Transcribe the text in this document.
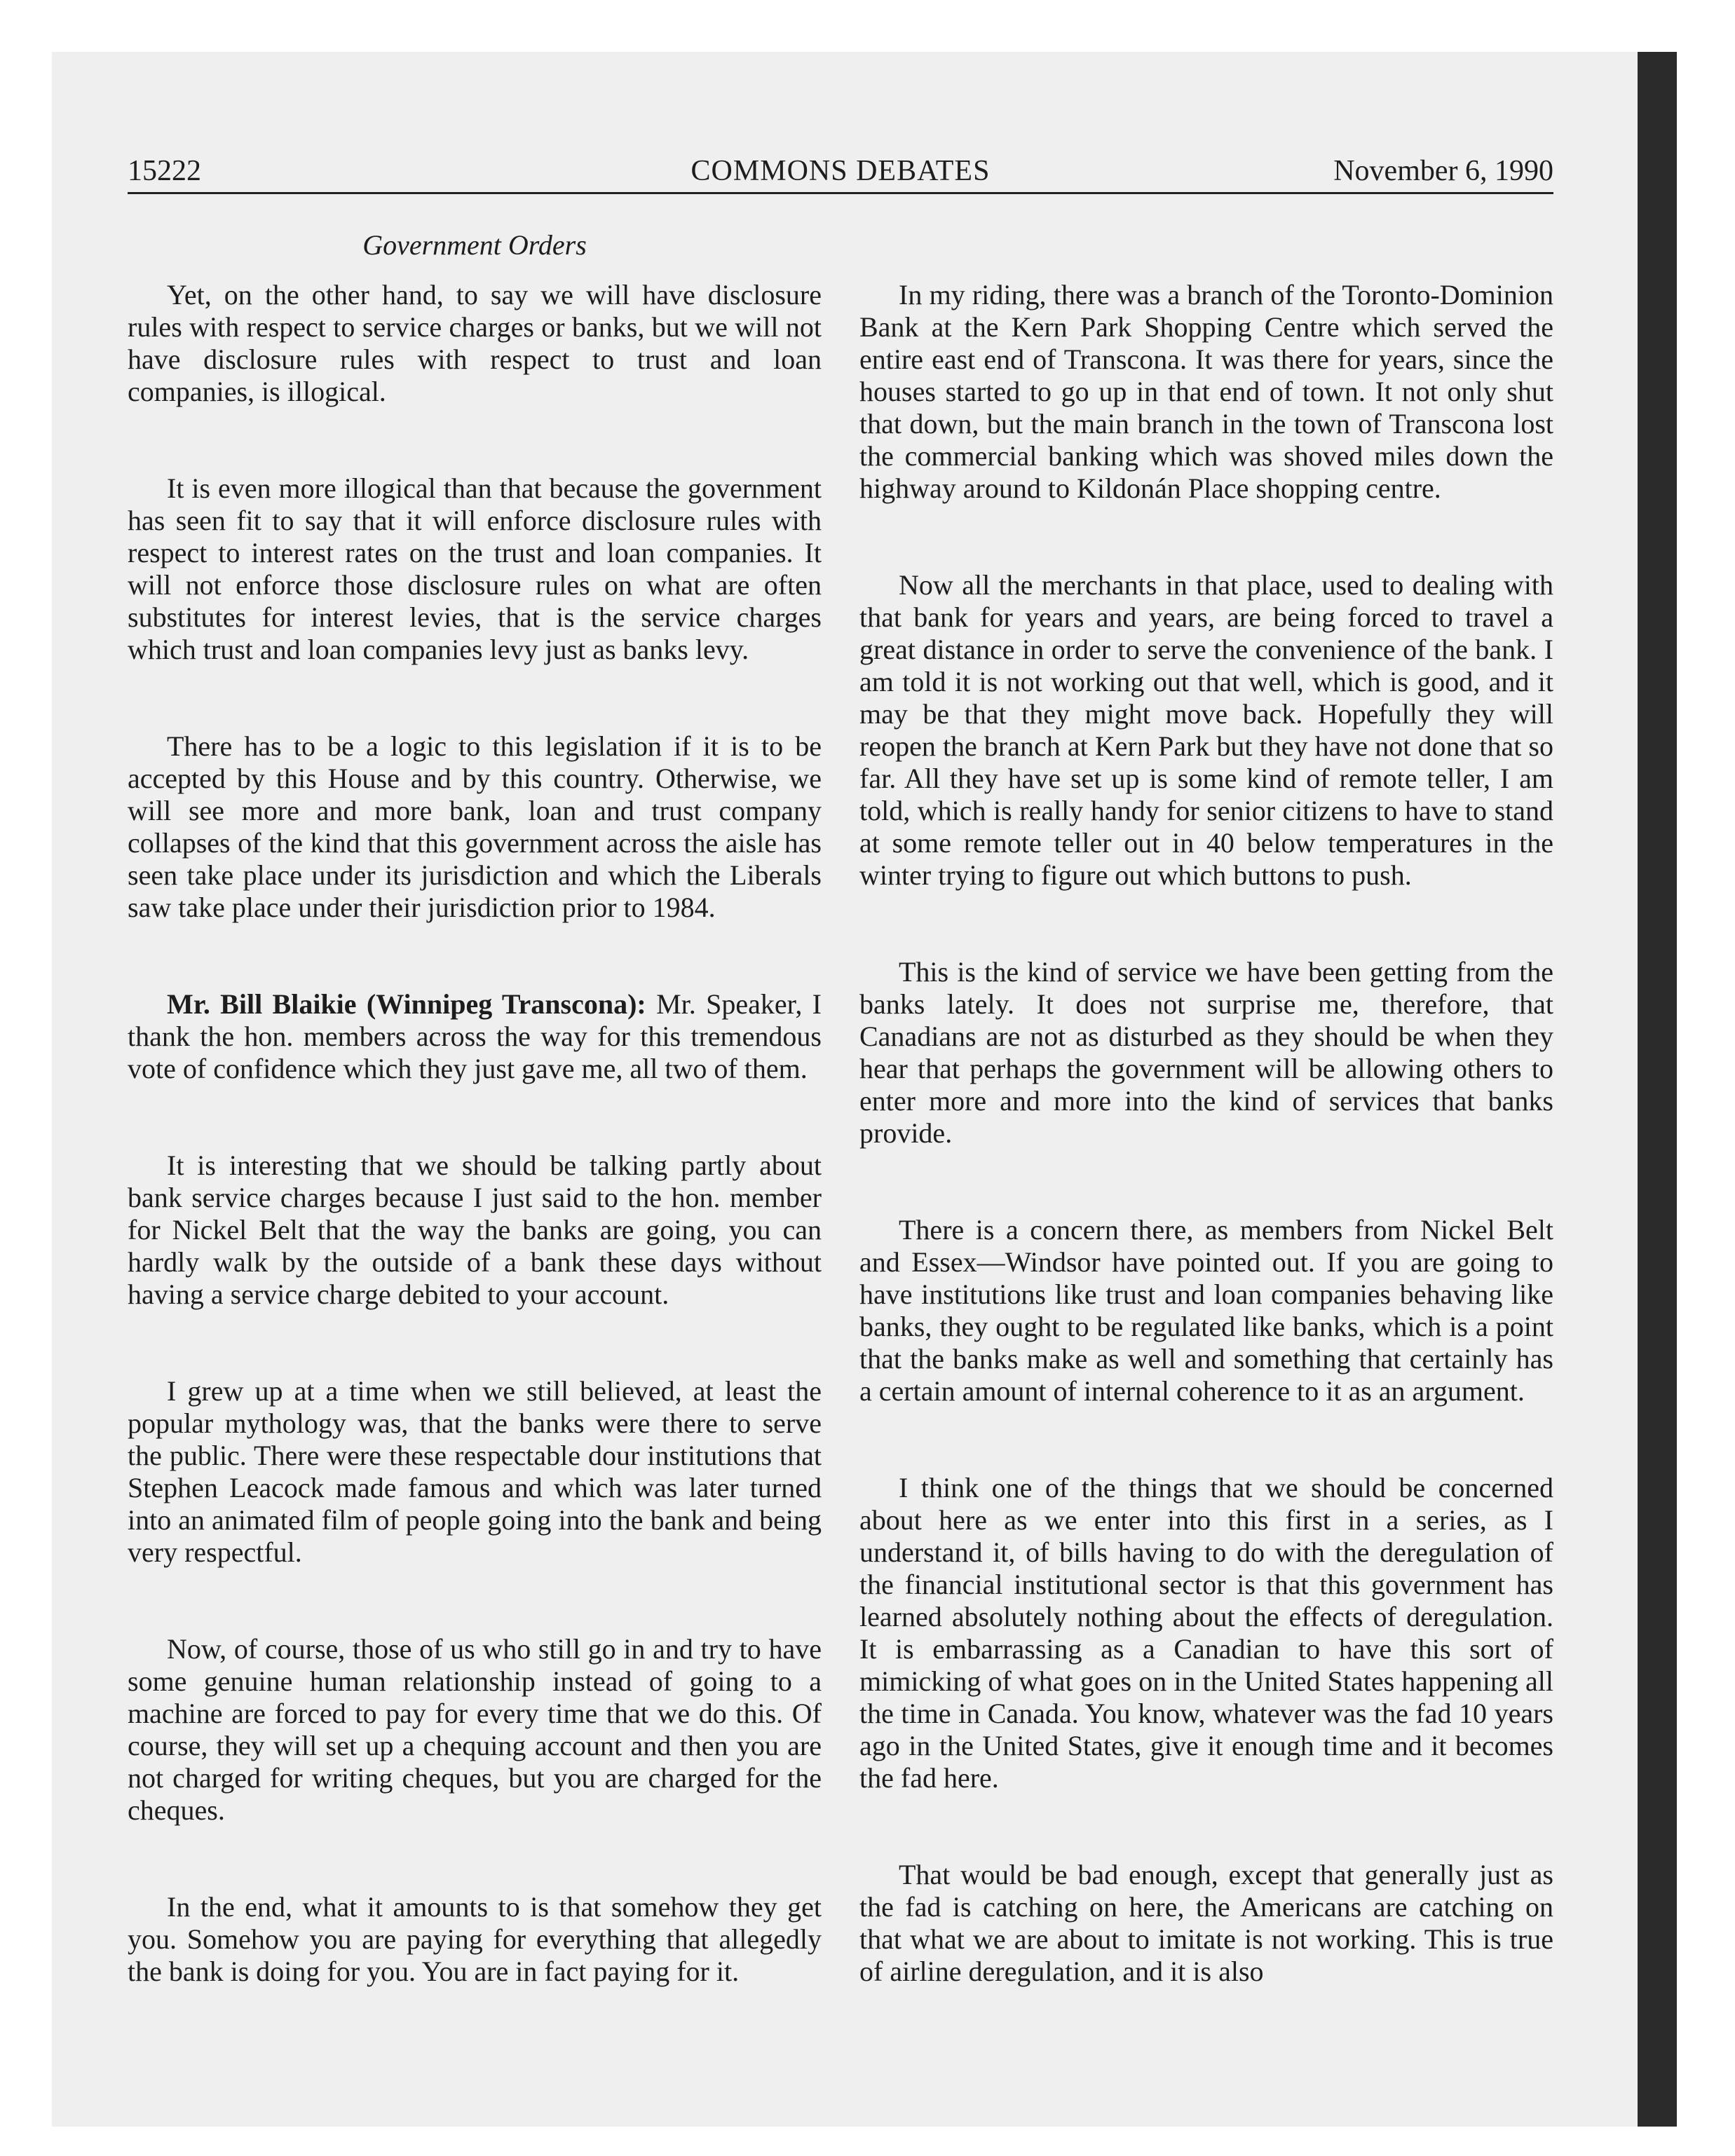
15222	COMMONS DEBATES	November 6, 1990
Government Orders

Yet, on the other hand, to say we will have disclosure rules with respect to service charges or banks, but we will not have disclosure rules with respect to trust and loan companies, is illogical.

It is even more illogical than that because the government has seen fit to say that it will enforce disclosure rules with respect to interest rates on the trust and loan companies. It will not enforce those disclosure rules on what are often substitutes for interest levies, that is the service charges which trust and loan companies levy just as banks levy.

There has to be a logic to this legislation if it is to be accepted by this House and by this country. Otherwise, we will see more and more bank, loan and trust company collapses of the kind that this government across the aisle has seen take place under its jurisdiction and which the Liberals saw take place under their jurisdiction prior to 1984.

Mr. Bill Blaikie (Winnipeg Transcona): Mr. Speaker, I thank the hon. members across the way for this tremendous vote of confidence which they just gave me, all two of them.

It is interesting that we should be talking partly about bank service charges because I just said to the hon. member for Nickel Belt that the way the banks are going, you can hardly walk by the outside of a bank these days without having a service charge debited to your account.

I grew up at a time when we still believed, at least the popular mythology was, that the banks were there to serve the public. There were these respectable dour institutions that Stephen Leacock made famous and which was later turned into an animated film of people going into the bank and being very respectful.

Now, of course, those of us who still go in and try to have some genuine human relationship instead of going to a machine are forced to pay for every time that we do this. Of course, they will set up a chequing account and then you are not charged for writing cheques, but you are charged for the cheques.

In the end, what it amounts to is that somehow they get you. Somehow you are paying for everything that allegedly the bank is doing for you. You are in fact paying for it.

In my riding, there was a branch of the Toronto-Dominion Bank at the Kern Park Shopping Centre which served the entire east end of Transcona. It was there for years, since the houses started to go up in that end of town. It not only shut that down, but the main branch in the town of Transcona lost the commercial banking which was shoved miles down the highway around to Kildonán Place shopping centre.

Now all the merchants in that place, used to dealing with that bank for years and years, are being forced to travel a great distance in order to serve the convenience of the bank. I am told it is not working out that well, which is good, and it may be that they might move back. Hopefully they will reopen the branch at Kern Park but they have not done that so far. All they have set up is some kind of remote teller, I am told, which is really handy for senior citizens to have to stand at some remote teller out in 40 below temperatures in the winter trying to figure out which buttons to push.

This is the kind of service we have been getting from the banks lately. It does not surprise me, therefore, that Canadians are not as disturbed as they should be when they hear that perhaps the government will be allowing others to enter more and more into the kind of services that banks provide.

There is a concern there, as members from Nickel Belt and Essex—Windsor have pointed out. If you are going to have institutions like trust and loan companies behaving like banks, they ought to be regulated like banks, which is a point that the banks make as well and something that certainly has a certain amount of internal coherence to it as an argument.

I think one of the things that we should be concerned about here as we enter into this first in a series, as I understand it, of bills having to do with the deregulation of the financial institutional sector is that this government has learned absolutely nothing about the effects of deregulation. It is embarrassing as a Canadian to have this sort of mimicking of what goes on in the United States happening all the time in Canada. You know, whatever was the fad 10 years ago in the United States, give it enough time and it becomes the fad here.

That would be bad enough, except that generally just as the fad is catching on here, the Americans are catching on that what we are about to imitate is not working. This is true of airline deregulation, and it is also
